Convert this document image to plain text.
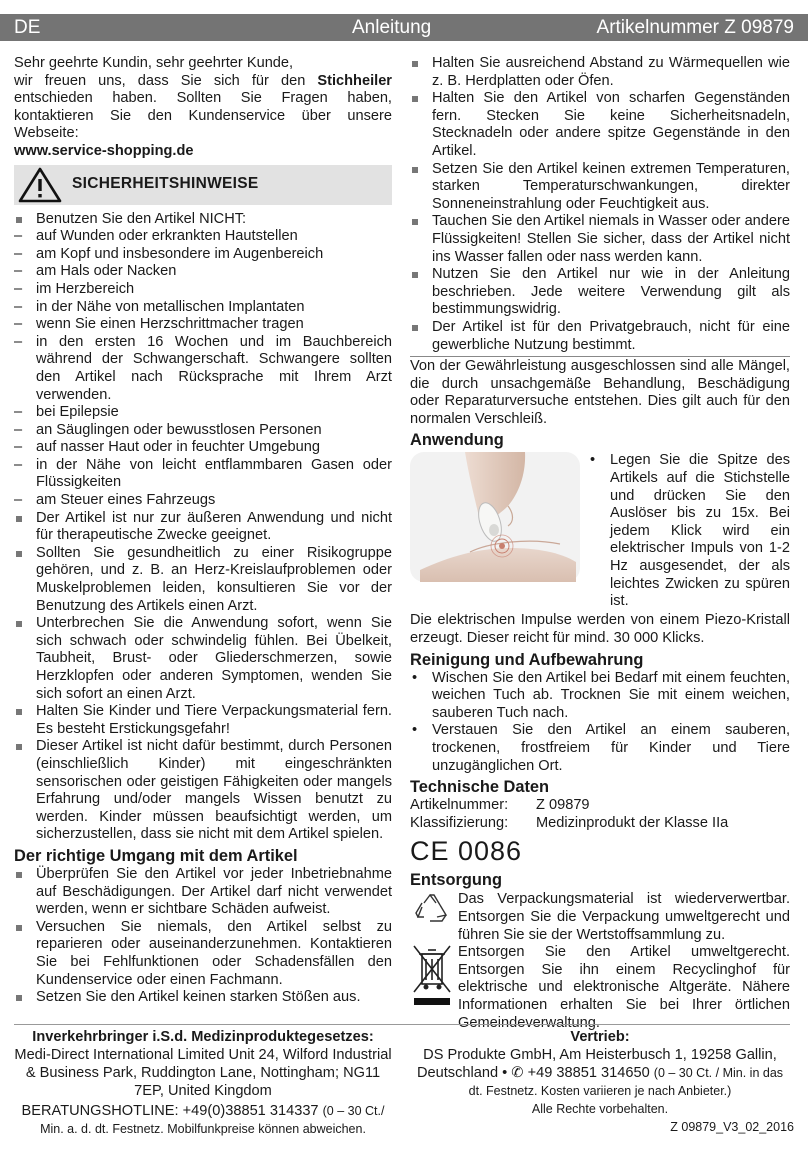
DE	Anleitung	Artikelnummer Z 09879

Sehr geehrte Kundin, sehr geehrter Kunde,

wir freuen uns, dass Sie sich für den Stichheiler entschieden haben. Sollten Sie Fragen haben, kontaktieren Sie den Kundenservice über unsere Webseite:

www.service-shopping.de

SICHERHEITSHINWEISE
Benutzen Sie den Artikel NICHT:
– auf Wunden oder erkrankten Hautstellen
– am Kopf und insbesondere im Augenbereich
– am Hals oder Nacken
– im Herzbereich
– in der Nähe von metallischen Implantaten
– wenn Sie einen Herzschrittmacher tragen
– in den ersten 16 Wochen und im Bauchbereich während der Schwangerschaft. Schwangere sollten den Artikel nach Rücksprache mit Ihrem Arzt verwenden.
– bei Epilepsie
– an Säuglingen oder bewusstlosen Personen
– auf nasser Haut oder in feuchter Umgebung
– in der Nähe von leicht entflammbaren Gasen oder Flüssigkeiten
– am Steuer eines Fahrzeugs
Der Artikel ist nur zur äußeren Anwendung und nicht für therapeutische Zwecke geeignet.
Sollten Sie gesundheitlich zu einer Risikogruppe gehören, und z. B. an Herz-Kreislaufproblemen oder Muskelproblemen leiden, konsultieren Sie vor der Benutzung des Artikels einen Arzt.
Unterbrechen Sie die Anwendung sofort, wenn Sie sich schwach oder schwindelig fühlen. Bei Übelkeit, Taubheit, Brust- oder Gliederschmerzen, sowie Herzklopfen oder anderen Symptomen, wenden Sie sich sofort an einen Arzt.
Halten Sie Kinder und Tiere Verpackungsmaterial fern. Es besteht Erstickungsgefahr!
Dieser Artikel ist nicht dafür bestimmt, durch Personen (einschließlich Kinder) mit eingeschränkten sensorischen oder geistigen Fähigkeiten oder mangels Erfahrung und/oder mangels Wissen benutzt zu werden. Kinder müssen beaufsichtigt werden, um sicherzustellen, dass sie nicht mit dem Artikel spielen.
Der richtige Umgang mit dem Artikel
Überprüfen Sie den Artikel vor jeder Inbetriebnahme auf Beschädigungen. Der Artikel darf nicht verwendet werden, wenn er sichtbare Schäden aufweist.
Versuchen Sie niemals, den Artikel selbst zu reparieren oder auseinanderzunehmen. Kontaktieren Sie bei Fehlfunktionen oder Schadensfällen den Kundenservice oder einen Fachmann.
Setzen Sie den Artikel keinen starken Stößen aus.
Halten Sie ausreichend Abstand zu Wärmequellen wie z. B. Herdplatten oder Öfen.
Halten Sie den Artikel von scharfen Gegenständen fern. Stecken Sie keine Sicherheitsnadeln, Stecknadeln oder andere spitze Gegenstände in den Artikel.
Setzen Sie den Artikel keinen extremen Temperaturen, starken Temperaturschwankungen, direkter Sonneneinstrahlung oder Feuchtigkeit aus.
Tauchen Sie den Artikel niemals in Wasser oder andere Flüssigkeiten! Stellen Sie sicher, dass der Artikel nicht ins Wasser fallen oder nass werden kann.
Nutzen Sie den Artikel nur wie in der Anleitung beschrieben. Jede weitere Verwendung gilt als bestimmungswidrig.
Der Artikel ist für den Privatgebrauch, nicht für eine gewerbliche Nutzung bestimmt.

Von der Gewährleistung ausgeschlossen sind alle Mängel, die durch unsachgemäße Behandlung, Beschädigung oder Reparaturversuche entstehen. Dies gilt auch für den normalen Verschleiß.

Anwendung
• Legen Sie die Spitze des Artikels auf die Stichstelle und drücken Sie den Auslöser bis zu 15x. Bei jedem Klick wird ein elektrischer Impuls von 1-2 Hz ausgesendet, der als leichtes Zwicken zu spüren ist.

Die elektrischen Impulse werden von einem Piezo-Kristall erzeugt. Dieser reicht für mind. 30 000 Klicks.

Reinigung und Aufbewahrung
• Wischen Sie den Artikel bei Bedarf mit einem feuchten, weichen Tuch ab. Trocknen Sie mit einem weichen, sauberen Tuch nach.
• Verstauen Sie den Artikel an einem sauberen, trockenen, frostfreiem für Kinder und Tiere unzugänglichen Ort.
Technische Daten
Artikelnummer:	Z 09879
Klassifizierung:	Medizinprodukt der Klasse IIa
CE 0086
Entsorgung

Das Verpackungsmaterial ist wiederverwertbar. Entsorgen Sie die Verpackung umweltgerecht und führen Sie sie der Wertstoffsammlung zu.

Entsorgen Sie den Artikel umweltgerecht. Entsorgen Sie ihn einem Recyclinghof für elektrische und elektronische Altgeräte. Nähere Informationen erhalten Sie bei Ihrer örtlichen Gemeindeverwaltung.

Inverkehrbringer i.S.d. Medizinproduktegesetzes:

Medi-Direct International Limited Unit 24, Wilford Industrial & Business Park, Ruddington Lane, Nottingham; NG11 7EP, United Kingdom

BERATUNGSHOTLINE: +49(0)38851 314337 (0 – 30 Ct./ Min. a. d. dt. Festnetz. Mobilfunkpreise können abweichen.

Vertrieb:

DS Produkte GmbH, Am Heisterbusch 1, 19258 Gallin, Deutschland • ✆ +49 38851 314650 (0 – 30 Ct. / Min. in das dt. Festnetz. Kosten variieren je nach Anbieter.)

Alle Rechte vorbehalten.

Z 09879_V3_02_2016
